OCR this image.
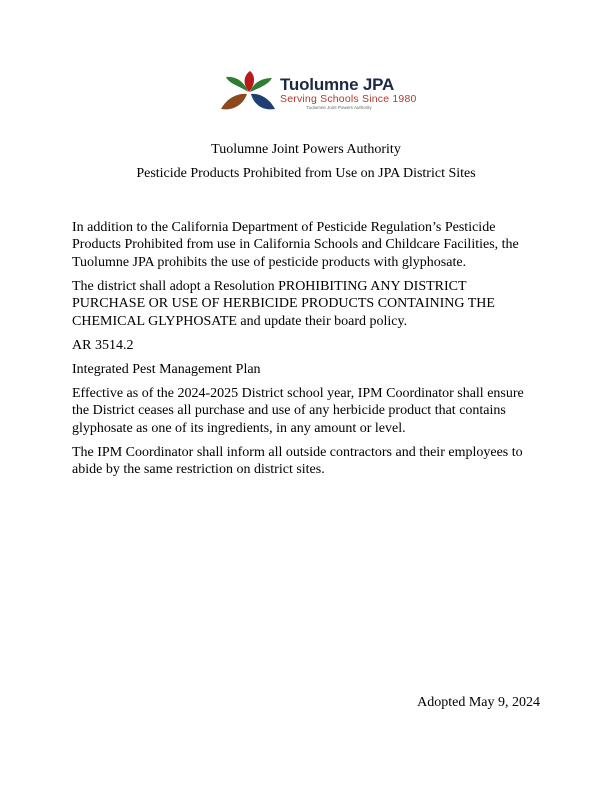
Tuolumne JPA
Serving Schools Since 1980
Tuolumne Joint Powers Authority
Tuolumne Joint Powers Authority
Pesticide Products Prohibited from Use on JPA District Sites

In addition to the California Department of Pesticide Regulation’s Pesticide Products Prohibited from use in California Schools and Childcare Facilities, the Tuolumne JPA prohibits the use of pesticide products with glyphosate.

The district shall adopt a Resolution PROHIBITING ANY DISTRICT PURCHASE OR USE OF HERBICIDE PRODUCTS CONTAINING THE CHEMICAL GLYPHOSATE and update their board policy.

AR 3514.2

Integrated Pest Management Plan

Effective as of the 2024-2025 District school year, IPM Coordinator shall ensure the District ceases all purchase and use of any herbicide product that contains glyphosate as one of its ingredients, in any amount or level.

The IPM Coordinator shall inform all outside contractors and their employees to abide by the same restriction on district sites.

Adopted May 9, 2024
